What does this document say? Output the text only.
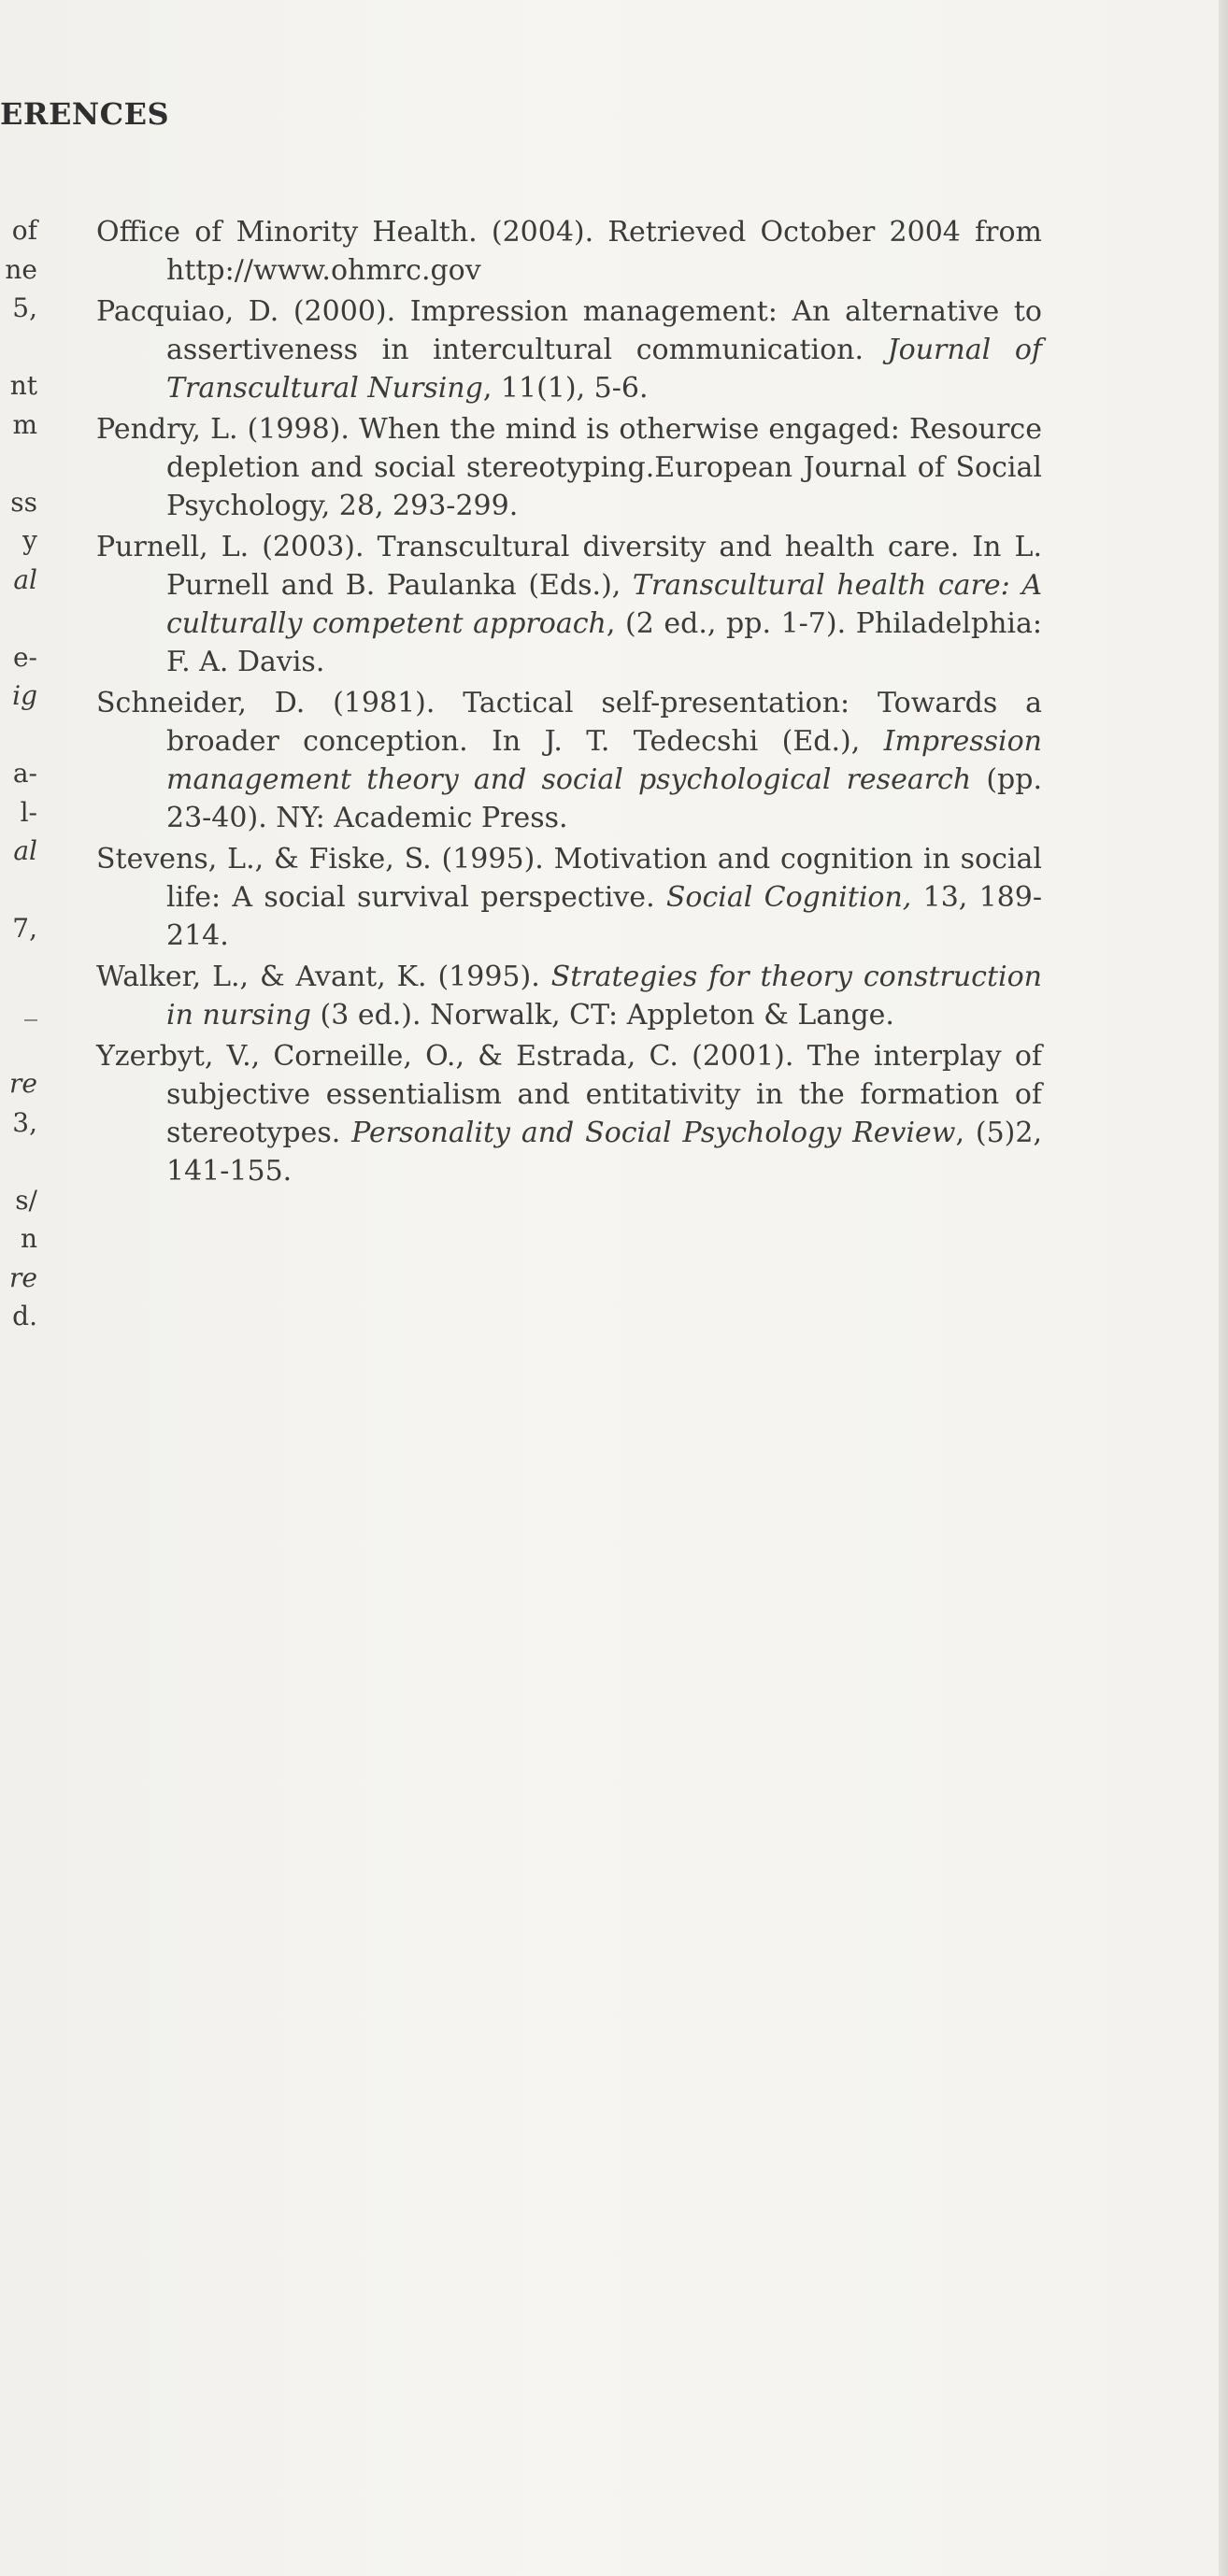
ERENCES
of
ne
5,
nt
m
ss
y
al
e-
ig
a-
l-
al
7,
_
re
3,
s/
n
re
d.
Office of Minority Health. (2004). Retrieved October 2004 from http://www.ohmrc.gov
Pacquiao, D. (2000). Impression management: An alternative to assertiveness in intercultural communication. Journal of Transcultural Nursing, 11(1), 5-6.
Pendry, L. (1998). When the mind is otherwise engaged: Resource depletion and social stereotyping.European Journal of Social Psychology, 28, 293-299.
Purnell, L. (2003). Transcultural diversity and health care. In L. Purnell and B. Paulanka (Eds.), Transcultural health care: A culturally competent approach, (2 ed., pp. 1-7). Philadelphia: F. A. Davis.
Schneider, D. (1981). Tactical self-presentation: Towards a broader conception. In J. T. Tedecshi (Ed.), Impression management theory and social psychological research (pp. 23-40). NY: Academic Press.
Stevens, L., & Fiske, S. (1995). Motivation and cognition in social life: A social survival perspective. Social Cognition, 13, 189-214.
Walker, L., & Avant, K. (1995). Strategies for theory construction in nursing (3 ed.). Norwalk, CT: Appleton & Lange.
Yzerbyt, V., Corneille, O., & Estrada, C. (2001). The interplay of subjective essentialism and entitativity in the formation of stereotypes. Personality and Social Psychology Review, (5)2, 141-155.
